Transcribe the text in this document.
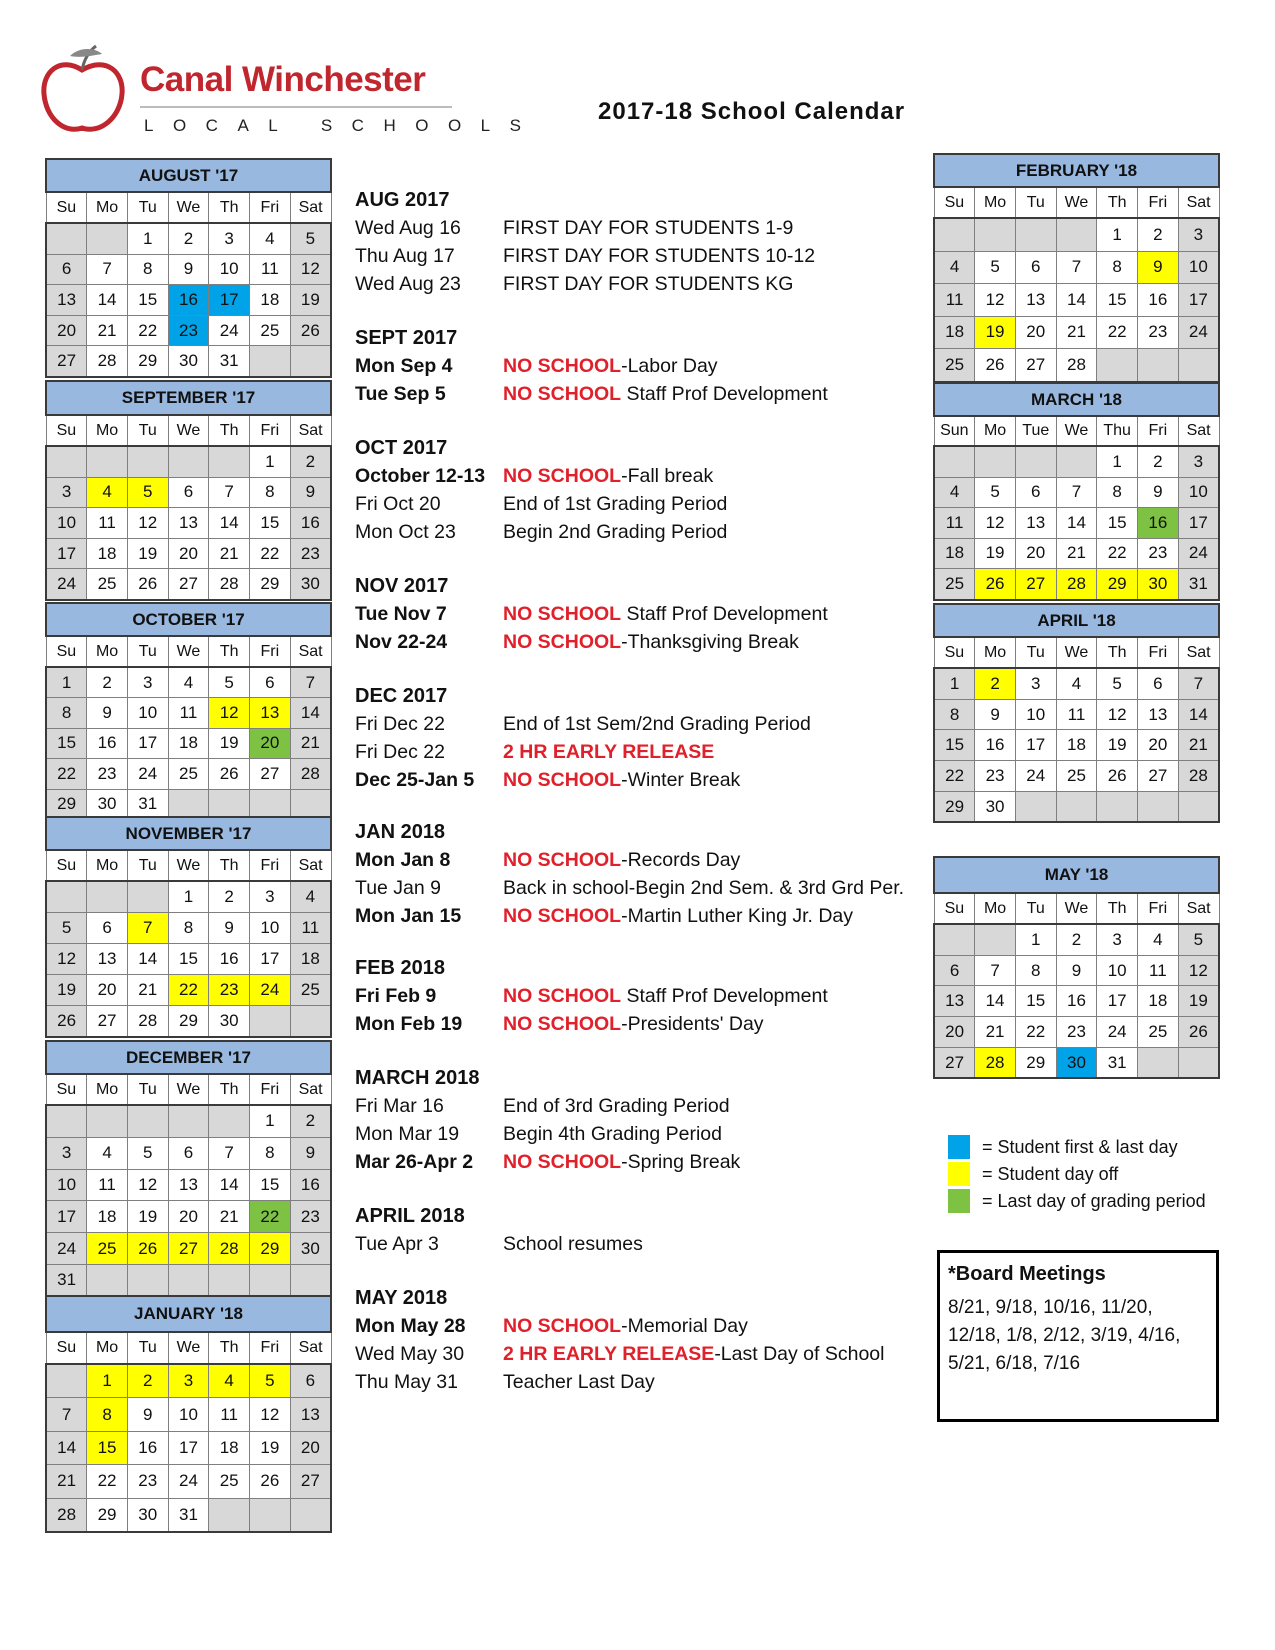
Canal Winchester
LOCAL SCHOOLS
2017-18 School Calendar
AUGUST '17						
Su	Mo	Tu	We	Th	Fri	Sat
		1	2	3	4	5
6	7	8	9	10	11	12
13	14	15	16	17	18	19
20	21	22	23	24	25	26
27	28	29	30	31		
SEPTEMBER '17						
Su	Mo	Tu	We	Th	Fri	Sat
					1	2
3	4	5	6	7	8	9
10	11	12	13	14	15	16
17	18	19	20	21	22	23
24	25	26	27	28	29	30
OCTOBER '17						
Su	Mo	Tu	We	Th	Fri	Sat
1	2	3	4	5	6	7
8	9	10	11	12	13	14
15	16	17	18	19	20	21
22	23	24	25	26	27	28
29	30	31				
NOVEMBER '17						
Su	Mo	Tu	We	Th	Fri	Sat
			1	2	3	4
5	6	7	8	9	10	11
12	13	14	15	16	17	18
19	20	21	22	23	24	25
26	27	28	29	30		
DECEMBER '17						
Su	Mo	Tu	We	Th	Fri	Sat
					1	2
3	4	5	6	7	8	9
10	11	12	13	14	15	16
17	18	19	20	21	22	23
24	25	26	27	28	29	30
31						
JANUARY '18						
Su	Mo	Tu	We	Th	Fri	Sat
	1	2	3	4	5	6
7	8	9	10	11	12	13
14	15	16	17	18	19	20
21	22	23	24	25	26	27
28	29	30	31			
FEBRUARY '18						
Su	Mo	Tu	We	Th	Fri	Sat
				1	2	3
4	5	6	7	8	9	10
11	12	13	14	15	16	17
18	19	20	21	22	23	24
25	26	27	28			
MARCH '18						
Sun	Mo	Tue	We	Thu	Fri	Sat
				1	2	3
4	5	6	7	8	9	10
11	12	13	14	15	16	17
18	19	20	21	22	23	24
25	26	27	28	29	30	31
APRIL '18						
Su	Mo	Tu	We	Th	Fri	Sat
1	2	3	4	5	6	7
8	9	10	11	12	13	14
15	16	17	18	19	20	21
22	23	24	25	26	27	28
29	30					
MAY '18						
Su	Mo	Tu	We	Th	Fri	Sat
		1	2	3	4	5
6	7	8	9	10	11	12
13	14	15	16	17	18	19
20	21	22	23	24	25	26
27	28	29	30	31		
AUG 2017
Wed Aug 16 FIRST DAY FOR STUDENTS 1-9
Thu Aug 17 FIRST DAY FOR STUDENTS 10-12
Wed Aug 23 FIRST DAY FOR STUDENTS KG
SEPT 2017
Mon Sep 4	NO SCHOOL-Labor Day
Tue Sep 5	NO SCHOOL Staff Prof Development
OCT 2017
October 12-13 NO SCHOOL-Fall break
Fri Oct 20	End of 1st Grading Period
Mon Oct 23 Begin 2nd Grading Period
NOV 2017
Tue Nov 7	NO SCHOOL Staff Prof Development
Nov 22-24	NO SCHOOL-Thanksgiving Break
DEC 2017
Fri Dec 22	End of 1st Sem/2nd Grading Period
Fri Dec 22	2 HR EARLY RELEASE
Dec 25-Jan 5 NO SCHOOL-Winter Break
JAN 2018
Mon Jan 8	NO SCHOOL-Records Day
Tue Jan 9	Back in school-Begin 2nd Sem. & 3rd Grd Per.
Mon Jan 15 NO SCHOOL-Martin Luther King Jr. Day
FEB 2018
Fri Feb 9	NO SCHOOL Staff Prof Development
Mon Feb 19 NO SCHOOL-Presidents' Day
MARCH 2018
Fri Mar 16	End of 3rd Grading Period
Mon Mar 19 Begin 4th Grading Period
Mar 26-Apr 2 NO SCHOOL-Spring Break
APRIL 2018
Tue Apr 3	School resumes
MAY 2018
Mon May 28 NO SCHOOL-Memorial Day
Wed May 30 2 HR EARLY RELEASE-Last Day of School
Thu May 31 Teacher Last Day
= Student first & last day
= Student day off
= Last day of grading period
*Board Meetings
8/21, 9/18, 10/16, 11/20,
12/18, 1/8, 2/12, 3/19, 4/16,
5/21, 6/18, 7/16
